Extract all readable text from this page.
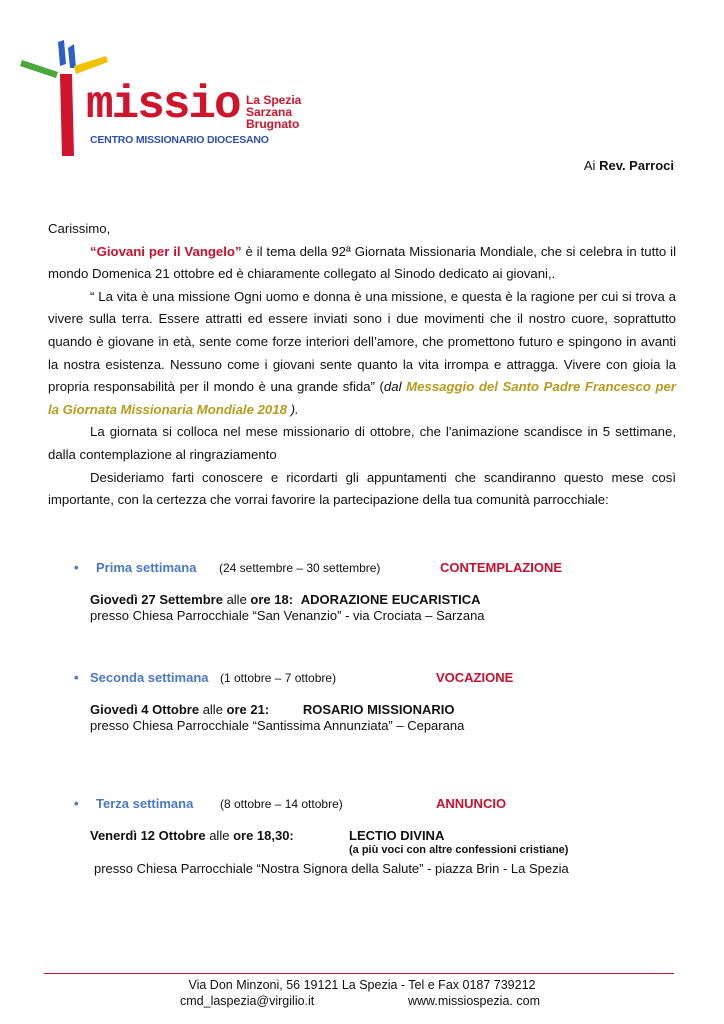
missio La Spezia
Sarzana
Brugnato
CENTRO MISSIONARIO DIOCESANO
Ai Rev. Parroci
Carissimo,
“Giovani per il Vangelo” è il tema della 92ª Giornata Missionaria Mondiale, che si celebra in tutto il mondo Domenica 21 ottobre ed è chiaramente collegato al Sinodo dedicato ai giovani,.
“ La vita è una missione Ogni uomo e donna è una missione, e questa è la ragione per cui si trova a vivere sulla terra. Essere attratti ed essere inviati sono i due movimenti che il nostro cuore, soprattutto quando è giovane in età, sente come forze interiori dell’amore, che promettono futuro e spingono in avanti la nostra esistenza. Nessuno come i giovani sente quanto la vita irrompa e attragga. Vivere con gioia la propria responsabilità per il mondo è una grande sfida” (dal Messaggio del Santo Padre Francesco per la Giornata Missionaria Mondiale 2018 ).
La giornata si colloca nel mese missionario di ottobre, che l'animazione scandisce in 5 settimane, dalla contemplazione al ringraziamento
Desideriamo farti conoscere e ricordarti gli appuntamenti che scandiranno questo mese così importante, con la certezza che vorrai favorire la partecipazione della tua comunità parrocchiale:
• Prima settimana (24 settembre – 30 settembre)	CONTEMPLAZIONE
Giovedì 27 Settembre alle ore 18: ADORAZIONE EUCARISTICA
presso Chiesa Parrocchiale “San Venanzio” - via Crociata – Sarzana
• Seconda settimana (1 ottobre – 7 ottobre)	VOCAZIONE
Giovedì 4 Ottobre alle ore 21:	ROSARIO MISSIONARIO
presso Chiesa Parrocchiale “Santissima Annunziata” – Ceparana
• Terza settimana (8 ottobre – 14 ottobre)	ANNUNCIO
Venerdì 12 Ottobre alle ore 18,30:	LECTIO DIVINA
(a più voci con altre confessioni cristiane)
presso Chiesa Parrocchiale “Nostra Signora della Salute” - piazza Brin - La Spezia
Via Don Minzoni, 56 19121 La Spezia - Tel e Fax 0187 739212
cmd_laspezia@virgilio.it	www.missiospezia. com
